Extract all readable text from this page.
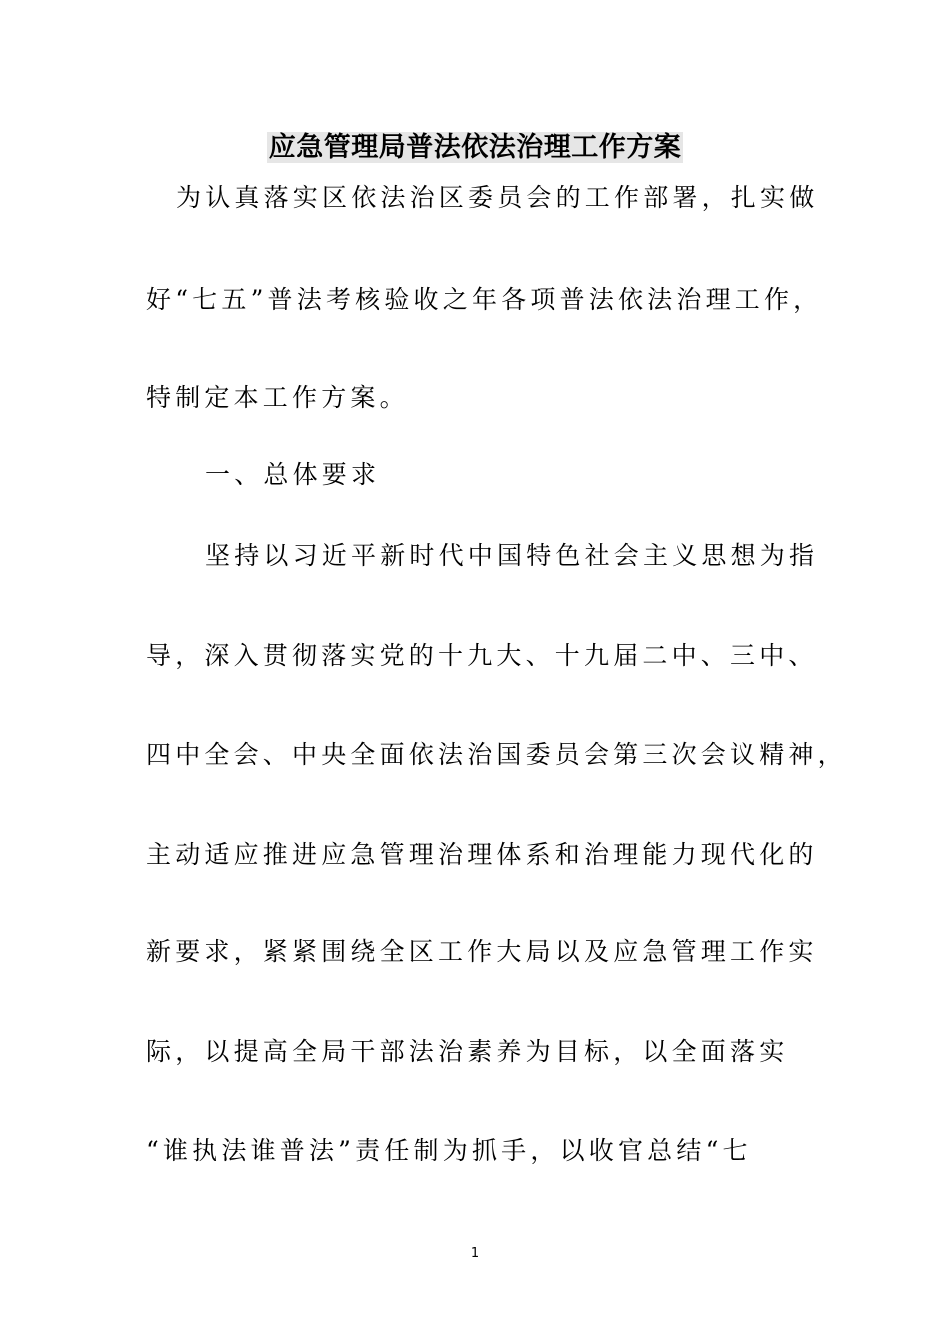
应急管理局普法依法治理工作方案

为认真落实区依法治区委员会的工作部署，扎实做

好“七五”普法考核验收之年各项普法依法治理工作，

特制定本工作方案。

一、总体要求

坚持以习近平新时代中国特色社会主义思想为指

导，深入贯彻落实党的十九大、十九届二中、三中、

四中全会、中央全面依法治国委员会第三次会议精神，

主动适应推进应急管理治理体系和治理能力现代化的

新要求，紧紧围绕全区工作大局以及应急管理工作实

际，以提高全局干部法治素养为目标，以全面落实

“谁执法谁普法”责任制为抓手，以收官总结“七

1
